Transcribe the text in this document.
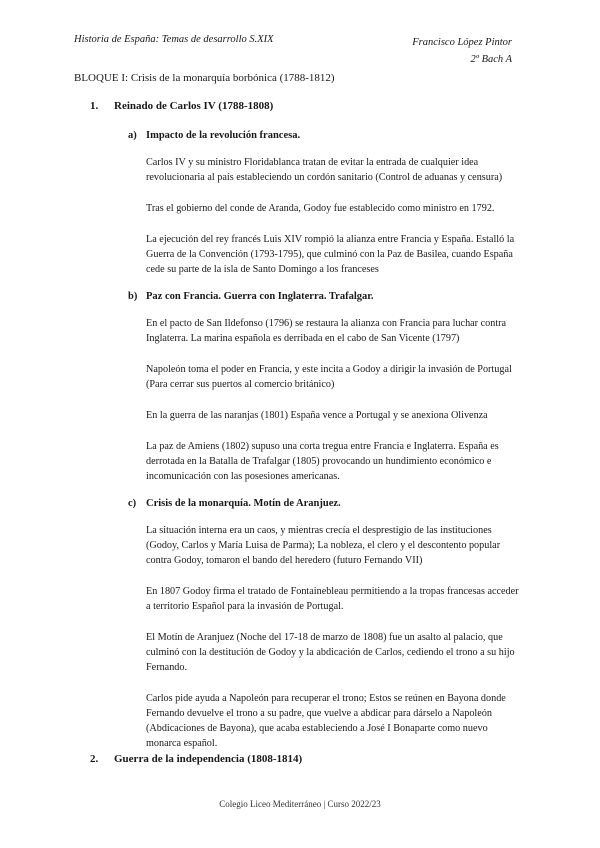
Historia de España: Temas de desarrollo S.XIX	Francisco López Pintor
2º Bach A
BLOQUE I: Crisis de la monarquía borbónica (1788-1812)
1.	Reinado de Carlos IV (1788-1808)
a) Impacto de la revolución francesa.
Carlos IV y su ministro Floridablanca tratan de evitar la entrada de cualquier idea revolucionaria al país estableciendo un cordón sanitario (Control de aduanas y censura)
Tras el gobierno del conde de Aranda, Godoy fue establecido como ministro en 1792.
La ejecución del rey francés Luis XIV rompió la alianza entre Francia y España. Estalló la Guerra de la Convención (1793-1795), que culminó con la Paz de Basilea, cuando España cede su parte de la isla de Santo Domingo a los franceses
b) Paz con Francia. Guerra con Inglaterra. Trafalgar.
En el pacto de San Ildefonso (1796) se restaura la alianza con Francia para luchar contra Inglaterra. La marina española es derribada en el cabo de San Vicente (1797)
Napoleón toma el poder en Francia, y este incita a Godoy a dirigir la invasión de Portugal (Para cerrar sus puertos al comercio británico)
En la guerra de las naranjas (1801) España vence a Portugal y se anexiona Olivenza
La paz de Amiens (1802) supuso una corta tregua entre Francia e Inglaterra. España es derrotada en la Batalla de Trafalgar (1805) provocando un hundimiento económico e incomunicación con las posesiones americanas.
c) Crisis de la monarquía. Motín de Aranjuez.
La situación interna era un caos, y mientras crecía el desprestigio de las instituciones (Godoy, Carlos y María Luisa de Parma); La nobleza, el clero y el descontento popular contra Godoy, tomaron el bando del heredero (futuro Fernando VII)
En 1807 Godoy firma el tratado de Fontainebleau permitiendo a la tropas francesas acceder a territorio Español para la invasión de Portugal.
El Motín de Aranjuez (Noche del 17-18 de marzo de 1808) fue un asalto al palacio, que culminó con la destitución de Godoy y la abdicación de Carlos, cediendo el trono a su hijo Fernando.
Carlos pide ayuda a Napoleón para recuperar el trono; Estos se reúnen en Bayona donde Fernando devuelve el trono a su padre, que vuelve a abdicar para dárselo a Napoleón (Abdicaciones de Bayona), que acaba estableciendo a José I Bonaparte como nuevo monarca español.
2.	Guerra de la independencia (1808-1814)
Colegio Liceo Mediterráneo | Curso 2022/23
